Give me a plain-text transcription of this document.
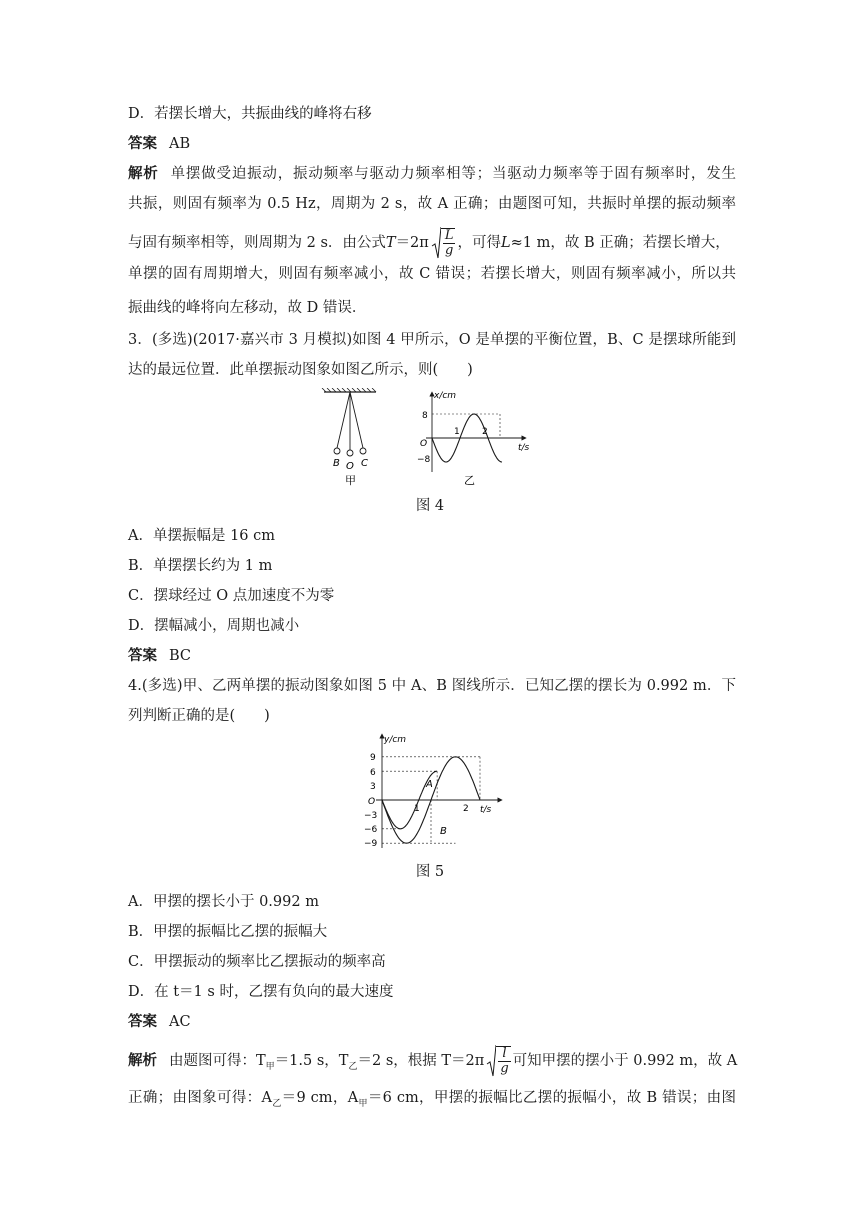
D．若摆长增大，共振曲线的峰将右移
答案 AB
解析 单摆做受迫振动，振动频率与驱动力频率相等；当驱动力频率等于固有频率时，发生
共振，则固有频率为 0.5 Hz，周期为 2 s，故 A 正确；由题图可知，共振时单摆的振动频率
与固有频率相等，则周期为 2 s．由公式$T=2\pi \frac{L}{g}$ ，可得L≈1 m，故 B 正确；若摆长增大，
单摆的固有周期增大，则固有频率减小，故 C 错误；若摆长增大，则固有频率减小，所以共
振曲线的峰将向左移动，故 D 错误．
3．(多选)(2017·嘉兴市 3 月模拟)如图 4 甲所示，O 是单摆的平衡位置，B、C 是摆球所能到
达的最远位置．此单摆振动图象如图乙所示，则(　　)
B O C
甲
x/cm
t/s
O
8
−8
1 2
乙
图 4
A．单摆振幅是 16 cm
B．单摆摆长约为 1 m
C．摆球经过 O 点加速度不为零
D．摆幅减小，周期也减小
答案 BC
4.(多选)甲、乙两单摆的振动图象如图 5 中 A、B 图线所示．已知乙摆的摆长为 0.992 m．下
列判断正确的是(　　)
y/cm
t/s
O
9
6
3
−3
−6
−9
1	2
A
B
图 5
A．甲摆的摆长小于 0.992 m
B．甲摆的振幅比乙摆的振幅大
C．甲摆振动的频率比乙摆振动的频率高
D．在 t＝1 s 时，乙摆有负向的最大速度
答案 AC
解析 由题图可得：$T_甲=1.5$ s，$T_乙=2$ s，根据 $T=2\pi \frac{l}{g}$ 可知甲摆的摆小于 0.992 m，故 A
正确；由图象可得：$A_乙=9$ cm，$A_甲=6$ cm，甲摆的振幅比乙摆的振幅小，故 B 错误；由图
